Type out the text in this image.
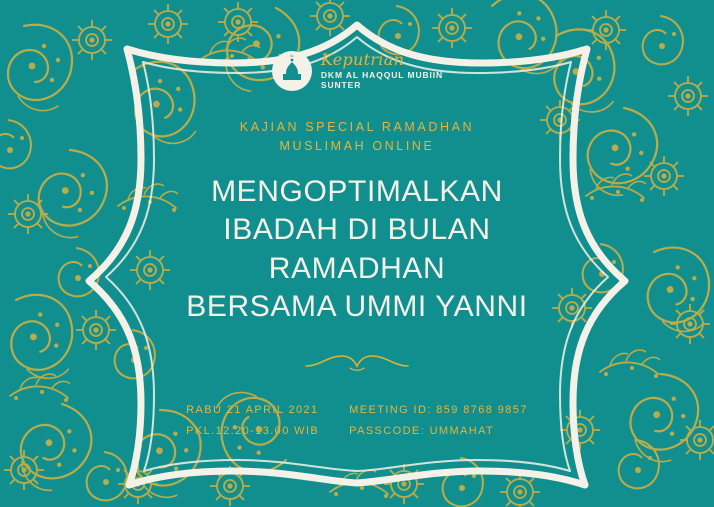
AL Keputrian
DKM AL HAQQUL MUBIIN
SUNTER
KAJIAN SPECIAL RAMADHAN
MUSLIMAH ONLINE
MENGOPTIMALKAN
IBADAH DI BULAN
RAMADHAN
BERSAMA UMMI YANNI
RABU 21 APRIL 2021
PKL.12.20-13.00 WIB
MEETING ID: 859 8768 9857
PASSCODE: UMMAHAT
